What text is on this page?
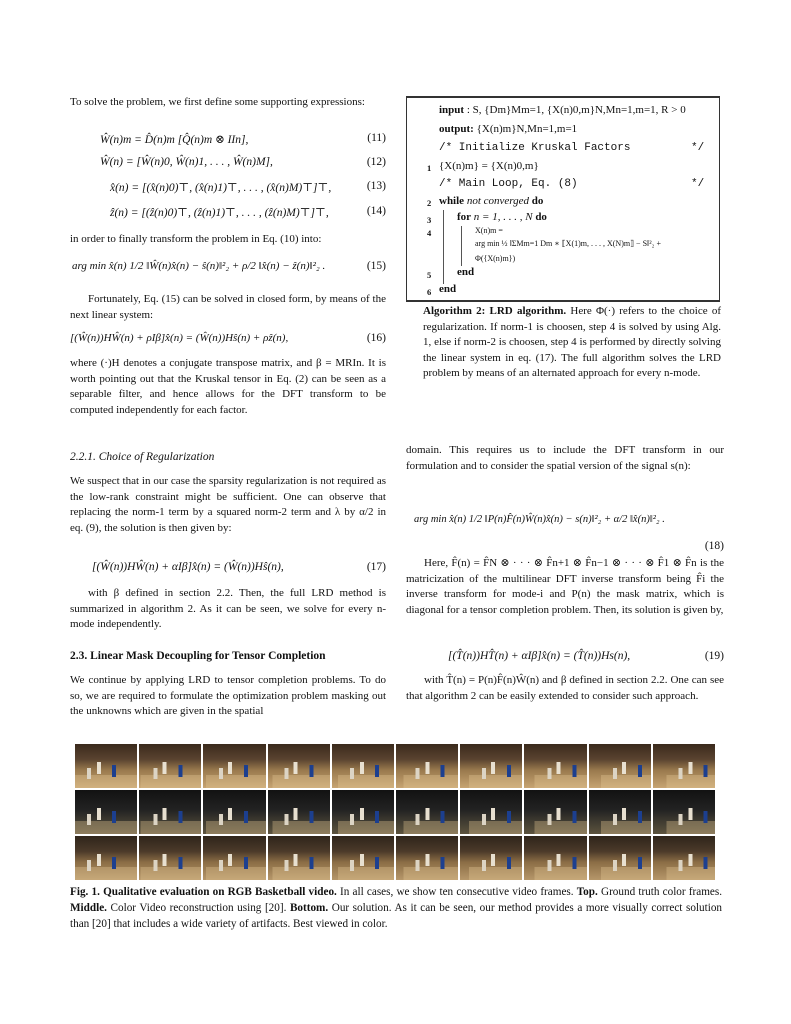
To solve the problem, we first define some supporting expressions:

Ŵ(n)m = D̂(n)m [Q̂(n)m ⊗ IIn],	(11)
Ŵ(n) = [Ŵ(n)0, Ŵ(n)1, . . . , Ŵ(n)M],	(12)
x̂(n) = [(x̂(n)0)⊤, (x̂(n)1)⊤, . . . , (x̂(n)M)⊤]⊤,	(13)
ẑ(n) = [(ẑ(n)0)⊤, (ẑ(n)1)⊤, . . . , (ẑ(n)M)⊤]⊤,	(14)

in order to finally transform the problem in Eq. (10) into:

arg min x̂(n) 1/2 ‖Ŵ(n)x̂(n) − ŝ(n)‖²₂ + ρ/2 ‖x̂(n) − ẑ(n)‖²₂ .	(15)

Fortunately, Eq. (15) can be solved in closed form, by means of the next linear system:

[(Ŵ(n))HŴ(n) + ρIβ]x̂(n) = (Ŵ(n))Hŝ(n) + ρẑ(n),	(16)

where (·)H denotes a conjugate transpose matrix, and β = MRIn. It is worth pointing out that the Kruskal tensor in Eq. (2) can be seen as a separable filter, and hence allows for the DFT transform to be computed independently for each factor.

2.2.1. Choice of Regularization

We suspect that in our case the sparsity regularization is not required as the low-rank constraint might be sufficient. One can observe that replacing the norm-1 term by a squared norm-2 term and λ by α/2 in eq. (9), the solution is then given by:

[(Ŵ(n))HŴ(n) + αIβ]x̂(n) = (Ŵ(n))Hŝ(n),	(17)

with β defined in section 2.2. Then, the full LRD method is summarized in algorithm 2. As it can be seen, we solve for every n-mode independently.

2.3. Linear Mask Decoupling for Tensor Completion

We continue by applying LRD to tensor completion problems. To do so, we are required to formulate the optimization problem masking out the unknowns which are given in the spatial

input : S, {Dm}Mm=1, {X(n)0,m}N,Mn=1,m=1, R > 0
output: {X(n)m}N,Mn=1,m=1
/* Initialize Kruskal Factors	*/
1 {X(n)m} = {X(n)0,m}
/* Main Loop, Eq. (8)	*/
2 while not converged do
3 for n = 1, . . . , N do
4	X(n)m =
arg min ½ ‖ΣMm=1 Dm ∗ ⟦X(1)m, . . . , X(N)m⟧ − S‖²₂ +
Φ({X(n)m})
5 end
6 end

Algorithm 2: LRD algorithm. Here Φ(·) refers to the choice of regularization. If norm-1 is choosen, step 4 is solved by using Alg. 1, else if norm-2 is choosen, step 4 is performed by directly solving the linear system in eq. (17). The full algorithm solves the LRD problem by means of an alternated approach for every n-mode.

domain. This requires us to include the DFT transform in our formulation and to consider the spatial version of the signal s(n):

arg min x̂(n) 1/2 ‖P(n)F̂(n)Ŵ(n)x̂(n) − s(n)‖²₂ + α/2 ‖x̂(n)‖²₂ .
(18)

Here, F̂(n) = F̂N ⊗ · · · ⊗ F̂n+1 ⊗ F̂n−1 ⊗ · · · ⊗ F̂1 ⊗ F̂n is the matricization of the multilinear DFT inverse transform being F̂i the inverse transform for mode-i and P(n) the mask matrix, which is diagonal for a tensor completion problem. Then, its solution is given by,

[(T̂(n))HT̂(n) + αIβ]x̂(n) = (T̂(n))Hs(n),	(19)

with T̂(n) = P(n)F̂(n)Ŵ(n) and β defined in section 2.2. One can see that algorithm 2 can be easily extended to consider such approach.

Fig. 1. Qualitative evaluation on RGB Basketball video. In all cases, we show ten consecutive video frames. Top. Ground truth color frames. Middle. Color Video reconstruction using [20]. Bottom. Our solution. As it can be seen, our method provides a more visually correct solution than [20] that includes a wide variety of artifacts. Best viewed in color.
